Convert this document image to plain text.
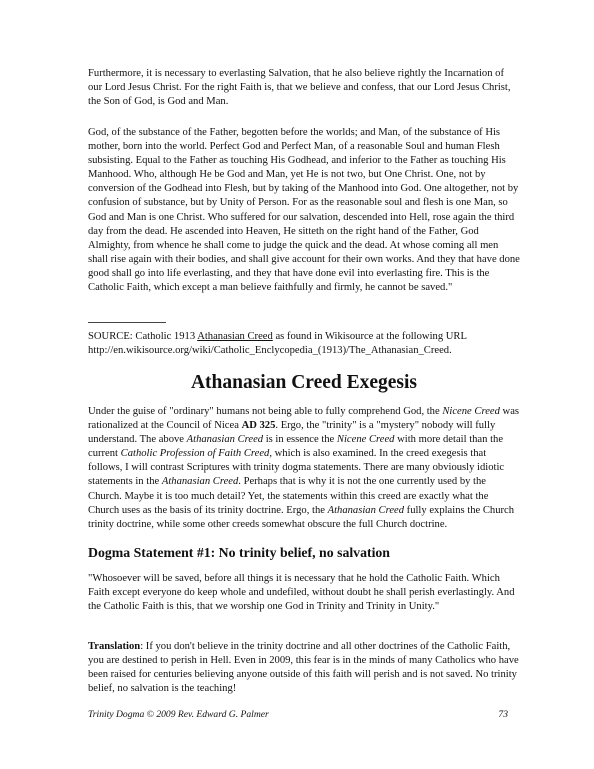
Furthermore, it is necessary to everlasting Salvation, that he also believe rightly the Incarnation of our Lord Jesus Christ. For the right Faith is, that we believe and confess, that our Lord Jesus Christ, the Son of God, is God and Man.

God, of the substance of the Father, begotten before the worlds; and Man, of the substance of His mother, born into the world. Perfect God and Perfect Man, of a reasonable Soul and human Flesh subsisting. Equal to the Father as touching His Godhead, and inferior to the Father as touching His Manhood. Who, although He be God and Man, yet He is not two, but One Christ. One, not by conversion of the Godhead into Flesh, but by taking of the Manhood into God. One altogether, not by confusion of substance, but by Unity of Person. For as the reasonable soul and flesh is one Man, so God and Man is one Christ. Who suffered for our salvation, descended into Hell, rose again the third day from the dead. He ascended into Heaven, He sitteth on the right hand of the Father, God Almighty, from whence he shall come to judge the quick and the dead. At whose coming all men shall rise again with their bodies, and shall give account for their own works. And they that have done good shall go into life everlasting, and they that have done evil into everlasting fire. This is the Catholic Faith, which except a man believe faithfully and firmly, he cannot be saved."

SOURCE: Catholic 1913 Athanasian Creed as found in Wikisource at the following URL
http://en.wikisource.org/wiki/Catholic_Enclycopedia_(1913)/The_Athanasian_Creed.

Athanasian Creed Exegesis

Under the guise of "ordinary" humans not being able to fully comprehend God, the Nicene Creed was rationalized at the Council of Nicea AD 325. Ergo, the "trinity" is a "mystery" nobody will fully understand. The above Athanasian Creed is in essence the Nicene Creed with more detail than the current Catholic Profession of Faith Creed, which is also examined. In the creed exegesis that follows, I will contrast Scriptures with trinity dogma statements. There are many obviously idiotic statements in the Athanasian Creed. Perhaps that is why it is not the one currently used by the Church. Maybe it is too much detail? Yet, the statements within this creed are exactly what the Church uses as the basis of its trinity doctrine. Ergo, the Athanasian Creed fully explains the Church trinity doctrine, while some other creeds somewhat obscure the full Church doctrine.

Dogma Statement #1: No trinity belief, no salvation

"Whosoever will be saved, before all things it is necessary that he hold the Catholic Faith. Which Faith except everyone do keep whole and undefiled, without doubt he shall perish everlastingly. And the Catholic Faith is this, that we worship one God in Trinity and Trinity in Unity."

Translation: If you don't believe in the trinity doctrine and all other doctrines of the Catholic Faith, you are destined to perish in Hell. Even in 2009, this fear is in the minds of many Catholics who have been raised for centuries believing anyone outside of this faith will perish and is not saved. No trinity belief, no salvation is the teaching!

Trinity Dogma © 2009 Rev. Edward G. Palmer	73
